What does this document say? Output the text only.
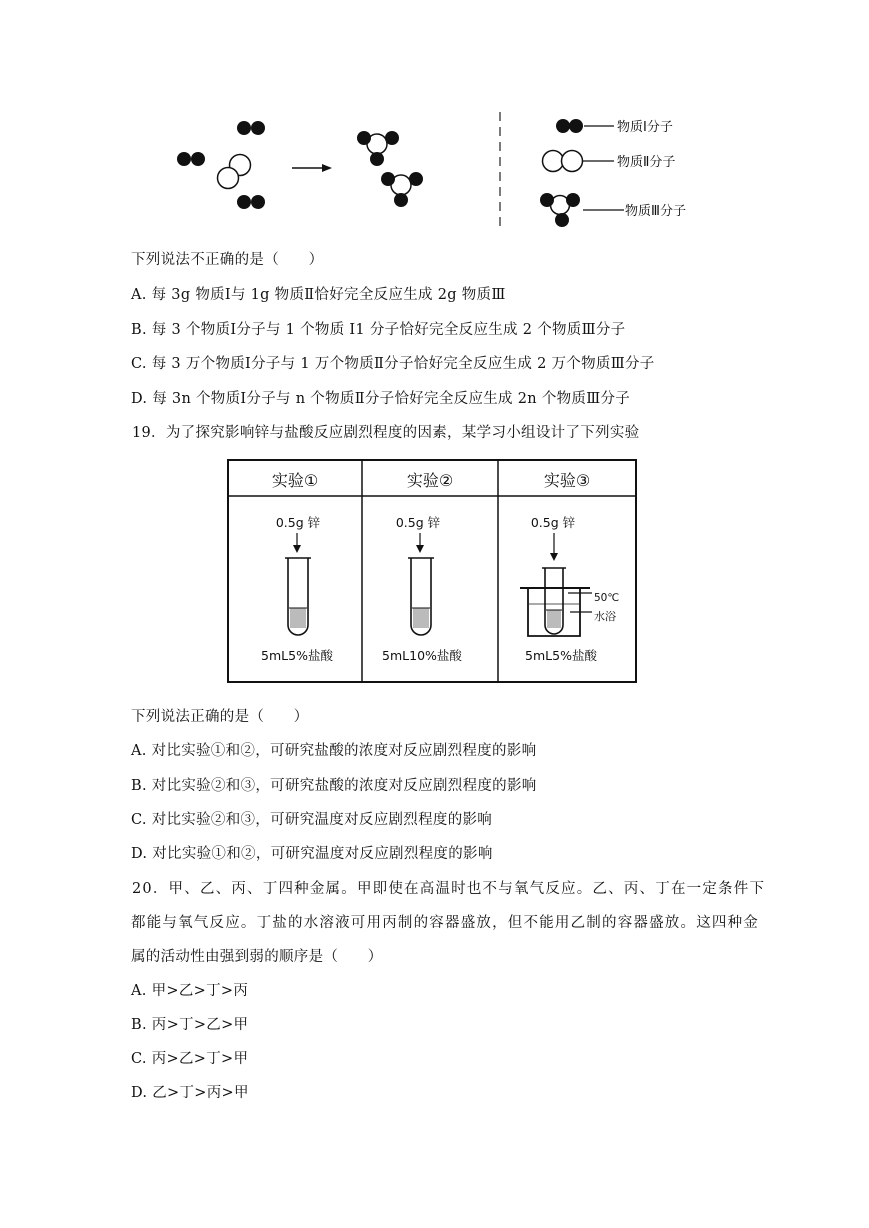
物质Ⅰ分子
物质Ⅱ分子
物质Ⅲ分子
下列说法不正确的是（　　）
A. 每 3g 物质Ⅰ与 1g 物质Ⅱ恰好完全反应生成 2g 物质Ⅲ
B. 每 3 个物质Ⅰ分子与 1 个物质 I1 分子恰好完全反应生成 2 个物质Ⅲ分子
C. 每 3 万个物质Ⅰ分子与 1 万个物质Ⅱ分子恰好完全反应生成 2 万个物质Ⅲ分子
D. 每 3n 个物质Ⅰ分子与 n 个物质Ⅱ分子恰好完全反应生成 2n 个物质Ⅲ分子
19．为了探究影响锌与盐酸反应剧烈程度的因素，某学习小组设计了下列实验
实验①	实验②	实验③
0.5g 锌
5mL5%盐酸
0.5g 锌
5mL10%盐酸
0.5g 锌
50℃
水浴
5mL5%盐酸
下列说法正确的是（　　）
A. 对比实验①和②，可研究盐酸的浓度对反应剧烈程度的影响
B. 对比实验②和③，可研究盐酸的浓度对反应剧烈程度的影响
C. 对比实验②和③，可研究温度对反应剧烈程度的影响
D. 对比实验①和②，可研究温度对反应剧烈程度的影响
20．甲、乙、丙、丁四种金属。甲即使在高温时也不与氧气反应。乙、丙、丁在一定条件下
都能与氧气反应。丁盐的水溶液可用丙制的容器盛放，但不能用乙制的容器盛放。这四种金
属的活动性由强到弱的顺序是（　　）
A. 甲>乙>丁>丙
B. 丙>丁>乙>甲
C. 丙>乙>丁>甲
D. 乙>丁>丙>甲
